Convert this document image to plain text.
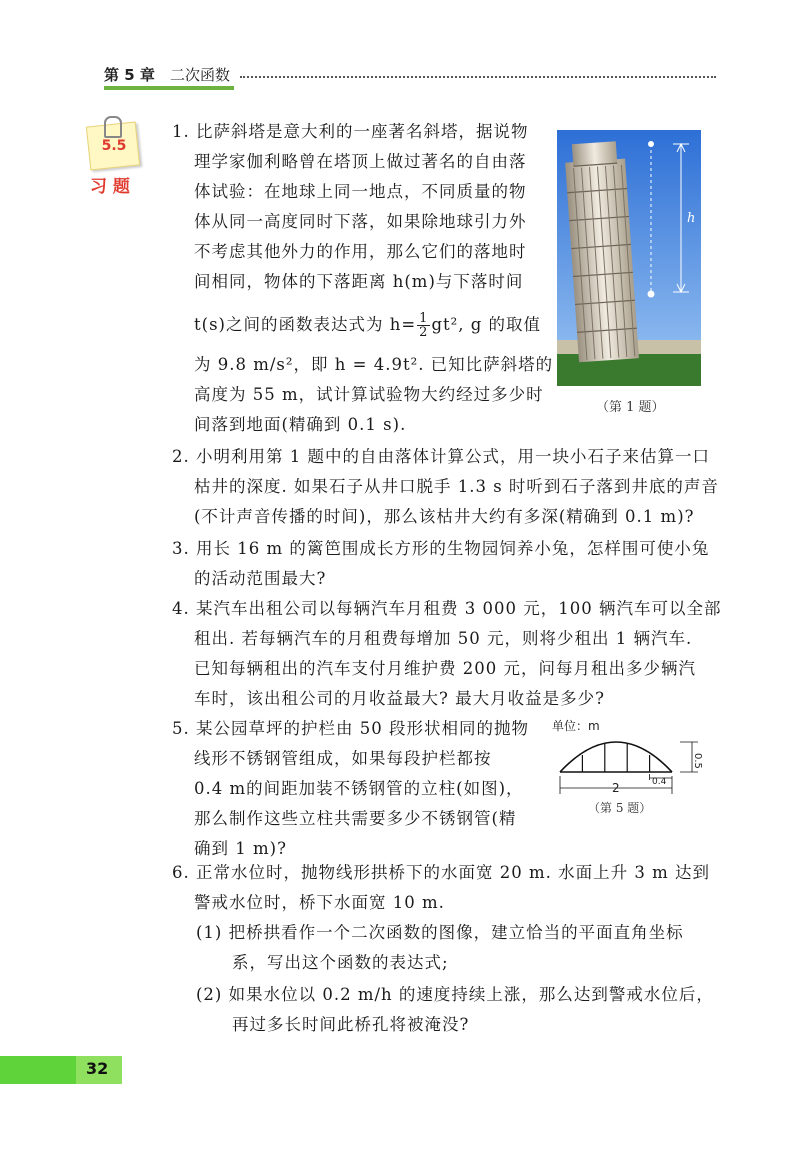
第 5 章 二次函数
5.5
习 题
1. 比萨斜塔是意大利的一座著名斜塔，据说物
理学家伽利略曾在塔顶上做过著名的自由落
体试验：在地球上同一地点，不同质量的物
体从同一高度同时下落，如果除地球引力外
不考虑其他外力的作用，那么它们的落地时
间相同，物体的下落距离 h(m)与下落时间
t(s)之间的函数表达式为 $h= \frac{1}{2} gt^2$, g 的取值
为 9.8 m/s²，即 h = 4.9t². 已知比萨斜塔的
高度为 55 m，试计算试验物大约经过多少时
间落到地面(精确到 0.1 s).
h
（第 1 题）
2. 小明利用第 1 题中的自由落体计算公式，用一块小石子来估算一口
枯井的深度. 如果石子从井口脱手 1.3 s 时听到石子落到井底的声音
(不计声音传播的时间)，那么该枯井大约有多深(精确到 0.1 m)?
3. 用长 16 m 的篱笆围成长方形的生物园饲养小兔，怎样围可使小兔
的活动范围最大?
4. 某汽车出租公司以每辆汽车月租费 3 000 元，100 辆汽车可以全部
租出. 若每辆汽车的月租费每增加 50 元，则将少租出 1 辆汽车.
已知每辆租出的汽车支付月维护费 200 元，问每月租出多少辆汽
车时，该出租公司的月收益最大? 最大月收益是多少?
5. 某公园草坪的护栏由 50 段形状相同的抛物
线形不锈钢管组成，如果每段护栏都按
0.4 m的间距加装不锈钢管的立柱(如图)，
那么制作这些立柱共需要多少不锈钢管(精
确到 1 m)?
单位：m
0.5
2	0.4
（第 5 题）
6. 正常水位时，抛物线形拱桥下的水面宽 20 m. 水面上升 3 m 达到
警戒水位时，桥下水面宽 10 m.
(1) 把桥拱看作一个二次函数的图像，建立恰当的平面直角坐标
系，写出这个函数的表达式;
(2) 如果水位以 0.2 m/h 的速度持续上涨，那么达到警戒水位后，
再过多长时间此桥孔将被淹没?
32
